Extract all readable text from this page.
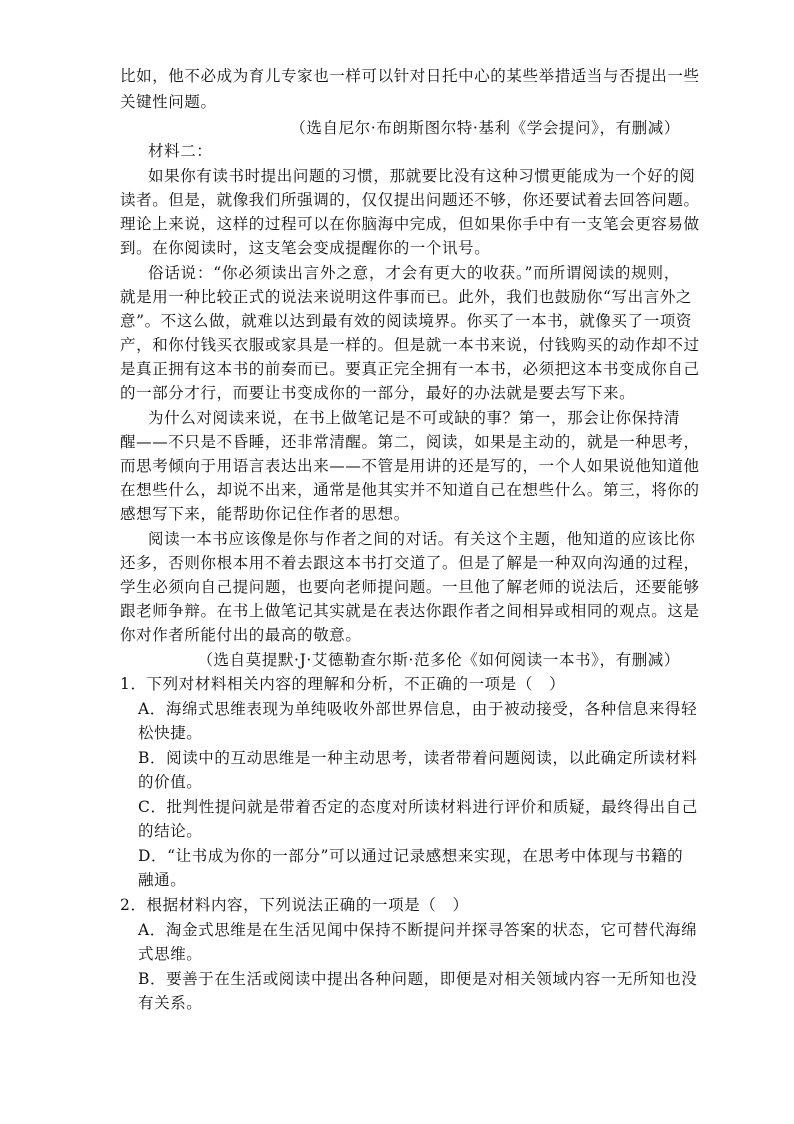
比如，他不必成为育儿专家也一样可以针对日托中心的某些举措适当与否提出一些
关键性问题。
（选自尼尔·布朗斯图尔特·基利《学会提问》，有删减）
材料二：
如果你有读书时提出问题的习惯，那就要比没有这种习惯更能成为一个好的阅
读者。但是，就像我们所强调的，仅仅提出问题还不够，你还要试着去回答问题。
理论上来说，这样的过程可以在你脑海中完成，但如果你手中有一支笔会更容易做
到。在你阅读时，这支笔会变成提醒你的一个讯号。
俗话说：“你必须读出言外之意，才会有更大的收获。”而所谓阅读的规则，
就是用一种比较正式的说法来说明这件事而已。此外，我们也鼓励你“写出言外之
意”。不这么做，就难以达到最有效的阅读境界。你买了一本书，就像买了一项资
产，和你付钱买衣服或家具是一样的。但是就一本书来说，付钱购买的动作却不过
是真正拥有这本书的前奏而已。要真正完全拥有一本书，必须把这本书变成你自己
的一部分才行，而要让书变成你的一部分，最好的办法就是要去写下来。
为什么对阅读来说，在书上做笔记是不可或缺的事？第一，那会让你保持清
醒——不只是不昏睡，还非常清醒。第二，阅读，如果是主动的，就是一种思考，
而思考倾向于用语言表达出来——不管是用讲的还是写的，一个人如果说他知道他
在想些什么，却说不出来，通常是他其实并不知道自己在想些什么。第三，将你的
感想写下来，能帮助你记住作者的思想。
阅读一本书应该像是你与作者之间的对话。有关这个主题，他知道的应该比你
还多，否则你根本用不着去跟这本书打交道了。但是了解是一种双向沟通的过程，
学生必须向自己提问题，也要向老师提问题。一旦他了解老师的说法后，还要能够
跟老师争辩。在书上做笔记其实就是在表达你跟作者之间相异或相同的观点。这是
你对作者所能付出的最高的敬意。
（选自莫提默·J·艾德勒查尔斯·范多伦《如何阅读一本书》，有删减）
1．下列对材料相关内容的理解和分析，不正确的一项是（　）
A．海绵式思维表现为单纯吸收外部世界信息，由于被动接受，各种信息来得轻
松快捷。
B．阅读中的互动思维是一种主动思考，读者带着问题阅读，以此确定所读材料
的价值。
C．批判性提问就是带着否定的态度对所读材料进行评价和质疑，最终得出自己
的结论。
D．“让书成为你的一部分”可以通过记录感想来实现，在思考中体现与书籍的
融通。
2．根据材料内容，下列说法正确的一项是（　）
A．淘金式思维是在生活见闻中保持不断提问并探寻答案的状态，它可替代海绵
式思维。
B．要善于在生活或阅读中提出各种问题，即便是对相关领域内容一无所知也没
有关系。
